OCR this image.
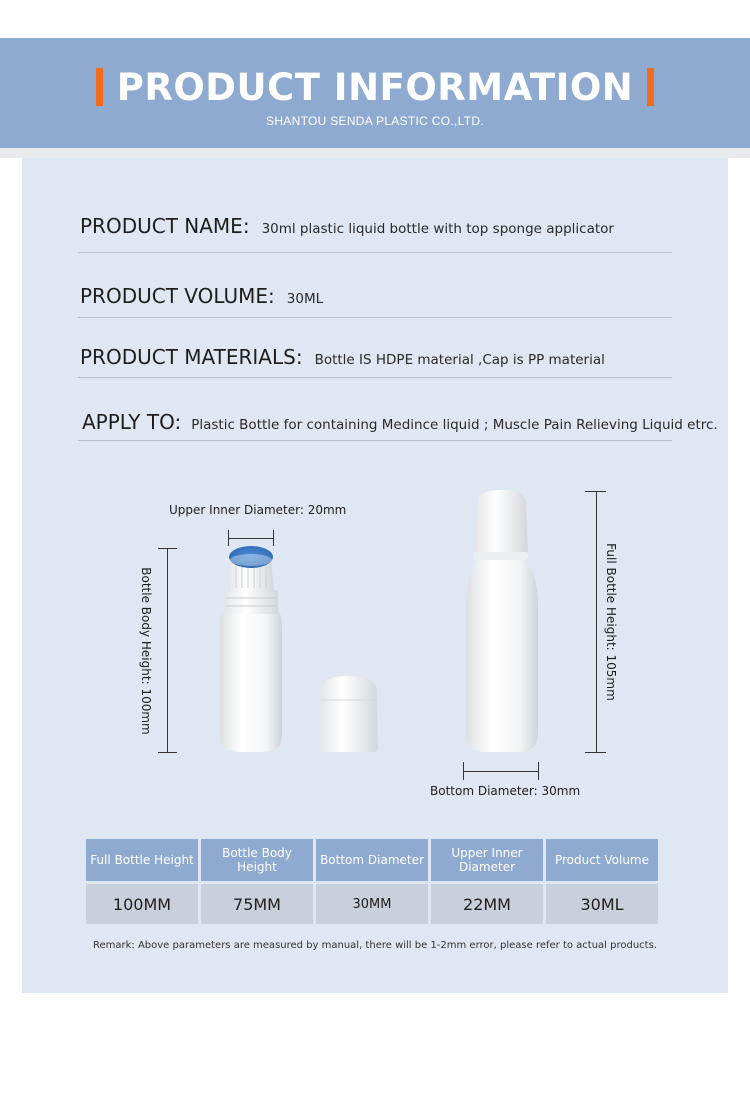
PRODUCT INFORMATION
SHANTOU SENDA PLASTIC CO.,LTD.
PRODUCT NAME: 30ml plastic liquid bottle with top sponge applicator
PRODUCT VOLUME: 30ML
PRODUCT MATERIALS: Bottle IS HDPE material ,Cap is PP material
APPLY TO: Plastic Bottle for containing Medince liquid ; Muscle Pain Relieving Liquid etrc.
Upper Inner Diameter: 20mm
Bottle Body Height: 100mm	Full Bottle Height: 105mm
Bottom Diameter: 30mm
Full Bottle Height	Bottle Body Height	Bottom Diameter	Upper Inner Diameter	Product Volume
100MM	75MM	30MM	22MM	30ML
Remark: Above parameters are measured by manual, there will be 1-2mm error, please refer to actual products.
